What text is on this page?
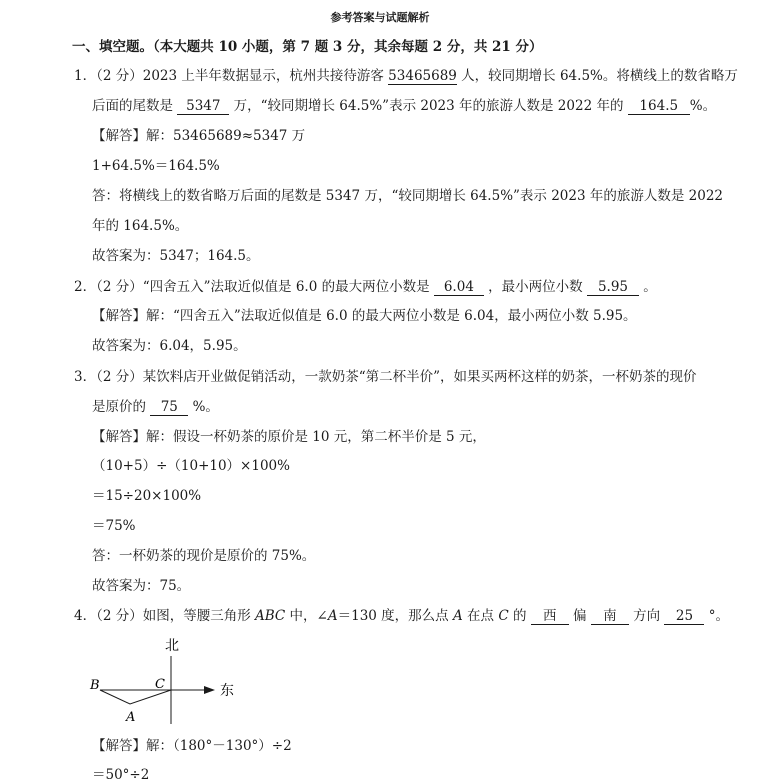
参考答案与试题解析
一、填空题。（本大题共 10 小题，第 7 题 3 分，其余每题 2 分，共 21 分）
1．（2 分）2023 上半年数据显示，杭州共接待游客 53465689 人，较同期增长 64.5%。将横线上的数省略万
后面的尾数是 5347 万，“较同期增长 64.5%”表示 2023 年的旅游人数是 2022 年的 164.5 %。
【解答】解：53465689≈5347 万
1+64.5%＝164.5%
答：将横线上的数省略万后面的尾数是 5347 万，“较同期增长 64.5%”表示 2023 年的旅游人数是 2022
年的 164.5%。
故答案为：5347；164.5。
2．（2 分）“四舍五入”法取近似值是 6.0 的最大两位小数是 6.04 ，最小两位小数 5.95 。
【解答】解：“四舍五入”法取近似值是 6.0 的最大两位小数是 6.04，最小两位小数 5.95。
故答案为：6.04，5.95。
3．（2 分）某饮料店开业做促销活动，一款奶茶“第二杯半价”，如果买两杯这样的奶茶，一杯奶茶的现价
是原价的 75 %。
【解答】解：假设一杯奶茶的原价是 10 元，第二杯半价是 5 元，
（10+5）÷（10+10）×100%
＝15÷20×100%
＝75%
答：一杯奶茶的现价是原价的 75%。
故答案为：75。
4．（2 分）如图，等腰三角形 ABC 中，∠A＝130 度，那么点 A 在点 C 的 西 偏 南 方向 25 °。
北
东
B	C
A
【解答】解：（180°－130°）÷2
＝50°÷2
